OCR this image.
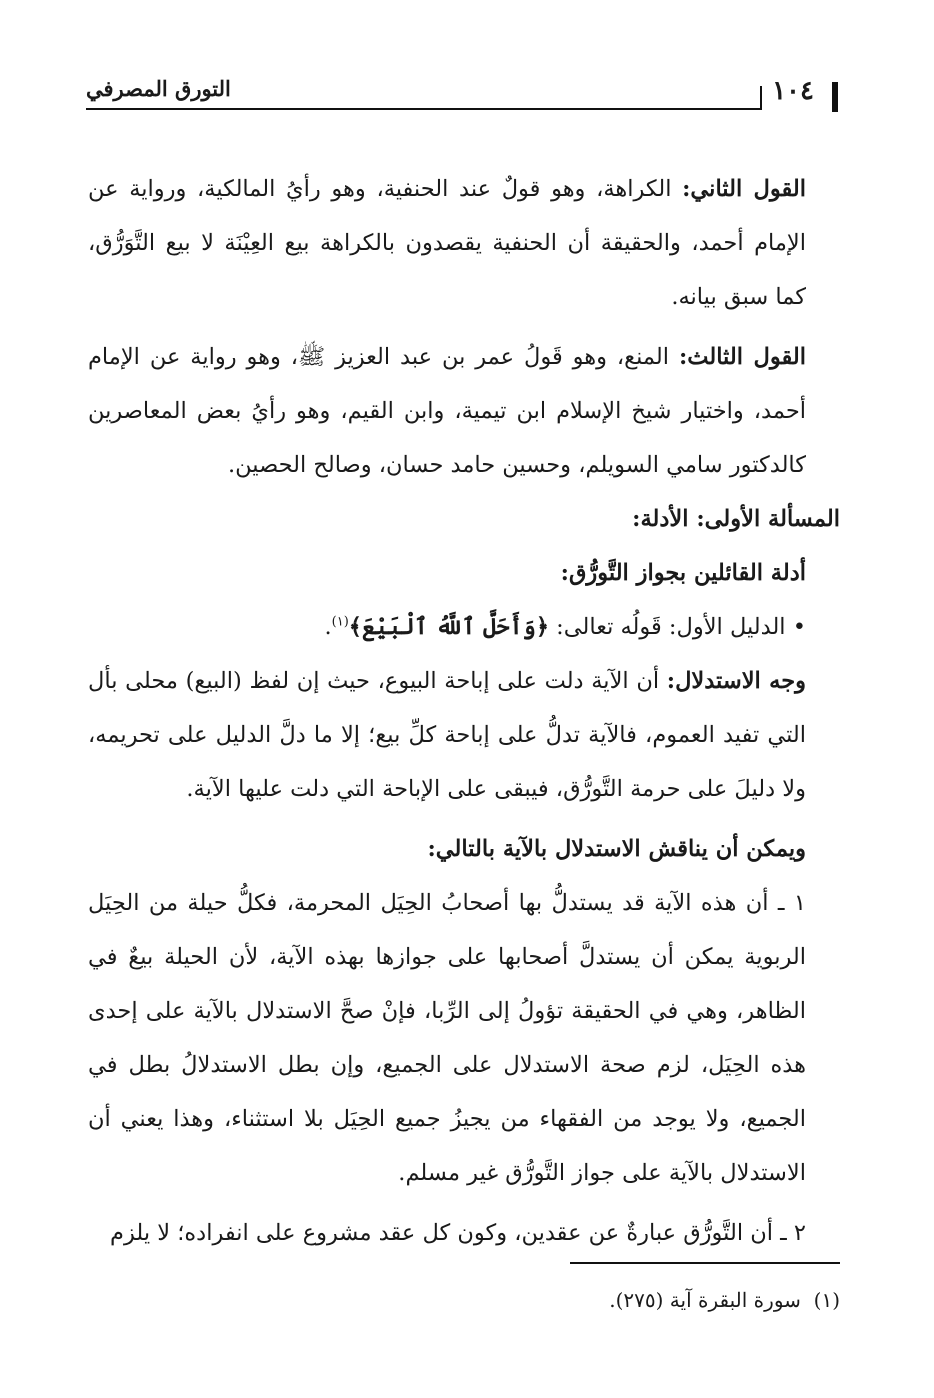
١٠٤
التورق المصرفي

القول الثاني: الكراهة، وهو قولٌ عند الحنفية، وهو رأيُ المالكية، ورواية عن الإمام أحمد، والحقيقة أن الحنفية يقصدون بالكراهة بيع العِيْنَة لا بيع التَّوَرُّق، كما سبق بيانه.

القول الثالث: المنع، وهو قَولُ عمر بن عبد العزيز ﷺ، وهو رواية عن الإمام أحمد، واختيار شيخ الإسلام ابن تيمية، وابن القيم، وهو رأيُ بعض المعاصرين كالدكتور سامي السويلم، وحسين حامد حسان، وصالح الحصين.

المسألة الأولى: الأدلة:

أدلة القائلين بجواز التَّورُّق:

• الدليل الأول: قَولُه تعالى: ﴿وَأَحَلَّ ٱللَّهُ ٱلْبَيْعَ﴾$^{(١)}$.

وجه الاستدلال: أن الآية دلت على إباحة البيوع، حيث إن لفظ (البيع) محلى بأل التي تفيد العموم، فالآية تدلُّ على إباحة كلِّ بيع؛ إلا ما دلَّ الدليل على تحريمه، ولا دليلَ على حرمة التَّورُّق، فيبقى على الإباحة التي دلت عليها الآية.

ويمكن أن يناقش الاستدلال بالآية بالتالي:

١ ـ أن هذه الآية قد يستدلُّ بها أصحابُ الحِيَل المحرمة، فكلُّ حيلة من الحِيَل الربوية يمكن أن يستدلَّ أصحابها على جوازها بهذه الآية، لأن الحيلة بيعٌ في الظاهر، وهي في الحقيقة تؤولُ إلى الرِّبا، فإنْ صحَّ الاستدلال بالآية على إحدى هذه الحِيَل، لزم صحة الاستدلال على الجميع، وإن بطل الاستدلالُ بطل في الجميع، ولا يوجد من الفقهاء من يجيزُ جميع الحِيَل بلا استثناء، وهذا يعني أن الاستدلال بالآية على جواز التَّورُّق غير مسلم.

٢ ـ أن التَّورُّق عبارةٌ عن عقدين، وكون كل عقد مشروع على انفراده؛ لا يلزم

(١)  سورة البقرة آية (٢٧٥).
